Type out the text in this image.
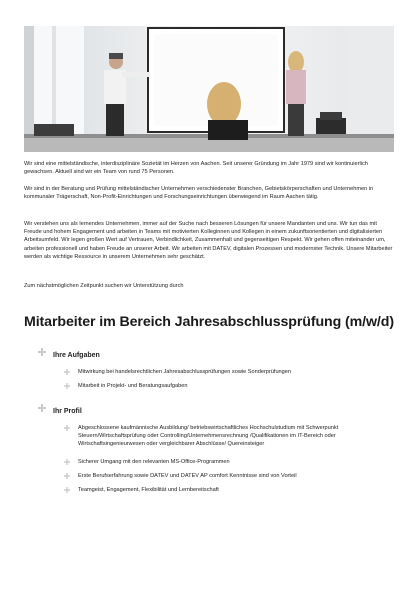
Wir sind eine mittelständische, interdisziplinäre Sozietät im Herzen von Aachen. Seit unserer Gründung im Jahr 1979 sind wir kontinuierlich gewachsen. Aktuell sind wir ein Team von rund 75 Personen.

Wir sind in der Beratung und Prüfung mittelständischer Unternehmen verschiedenster Branchen, Gebietskörperschaften und Unternehmen in kommunaler Trägerschaft, Non-Profit-Einrichtungen und Forschungseinrichtungen überwiegend im Raum Aachen tätig.

Wir verstehen uns als lernendes Unternehmen, immer auf der Suche nach besseren Lösungen für unsere Mandanten und uns. Wir tun das mit Freude und hohem Engagement und arbeiten in Teams mit motivierten Kolleginnen und Kollegen in einem zukunftsorientierten und digitalisierten Arbeitsumfeld. Wir legen großen Wert auf Vertrauen, Verbindlichkeit, Zusammenhalt und gegenseitigen Respekt. Wir gehen offen miteinander um, arbeiten professionell und haben Freude an unserer Arbeit. Wir arbeiten mit DATEV, digitalen Prozessen und modernster Technik. Unsere Mitarbeiter werden als wichtige Ressource in unserem Unternehmen sehr geschätzt.

Zum nächstmöglichen Zeitpunkt suchen wir Unterstützung durch

Mitarbeiter im Bereich Jahresabschlussprüfung (m/w/d)
Ihre Aufgaben
Mitwirkung bei handelsrechtlichen Jahresabschlussprüfungen sowie Sonderprüfungen
Mitarbeit in Projekt- und Beratungsaufgaben
Ihr Profil
Abgeschlossene kaufmännische Ausbildung/ betriebswirtschaftliches Hochschulstudium mit Schwerpunkt Steuern/Wirtschaftsprüfung oder Controlling/Unternehmensrechnung /Qualifikationen im IT-Bereich oder Wirtschaftsingenieurwesen oder vergleichbarer Abschlüsse/ Quereinsteiger
Sicherer Umgang mit den relevanten MS-Office-Programmen
Erste Berufserfahrung sowie DATEV und DATEV AP comfort Kenntnisse sind von Vorteil
Teamgeist, Engagement, Flexibilität und Lernbereitschaft
